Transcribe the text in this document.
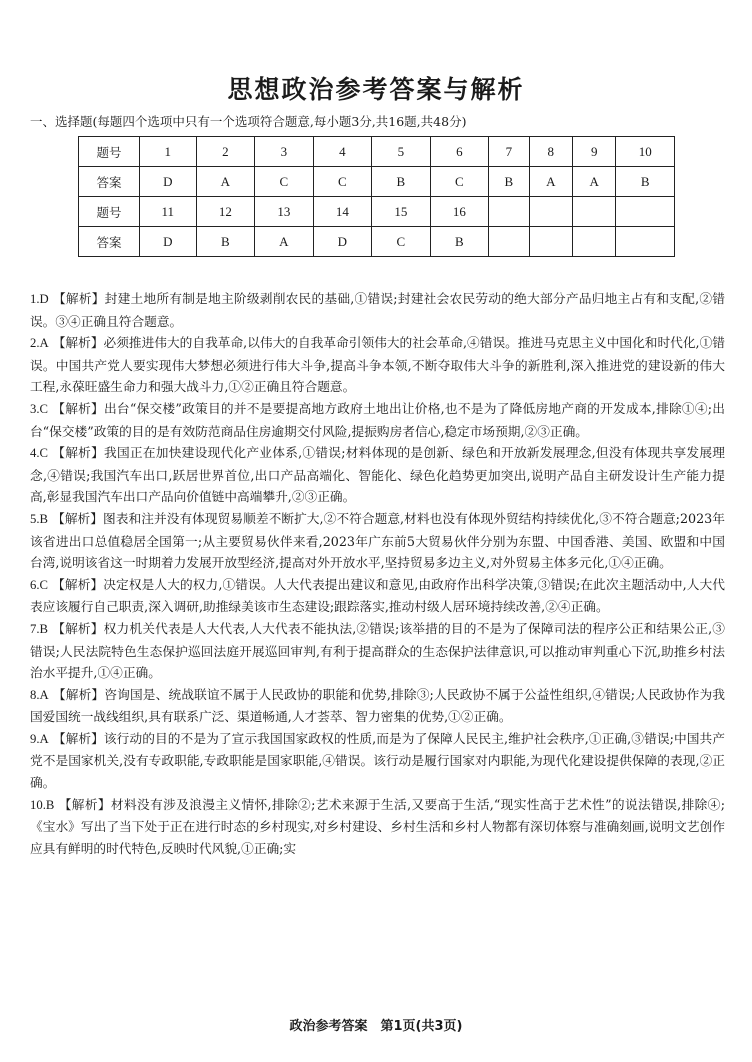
思想政治参考答案与解析
一、选择题(每题四个选项中只有一个选项符合题意,每小题3分,共16题,共48分)
题号	1	2	3	4	5	6	7	8	9	10
答案	D	A	C	C	B	C	B	A	A	B
题号	11	12	13	14	15	16				
答案	D	B	A	D	C	B				
1.D 【解析】封建土地所有制是地主阶级剥削农民的基础,①错误;封建社会农民劳动的绝大部分产品归地主占有和支配,②错误。③④正确且符合题意。
2.A 【解析】必须推进伟大的自我革命,以伟大的自我革命引领伟大的社会革命,④错误。推进马克思主义中国化和时代化,①错误。中国共产党人要实现伟大梦想必须进行伟大斗争,提高斗争本领,不断夺取伟大斗争的新胜利,深入推进党的建设新的伟大工程,永葆旺盛生命力和强大战斗力,①②正确且符合题意。
3.C 【解析】出台“保交楼”政策目的并不是要提高地方政府土地出让价格,也不是为了降低房地产商的开发成本,排除①④;出台“保交楼”政策的目的是有效防范商品住房逾期交付风险,提振购房者信心,稳定市场预期,②③正确。
4.C 【解析】我国正在加快建设现代化产业体系,①错误;材料体现的是创新、绿色和开放新发展理念,但没有体现共享发展理念,④错误;我国汽车出口,跃居世界首位,出口产品高端化、智能化、绿色化趋势更加突出,说明产品自主研发设计生产能力提高,彰显我国汽车出口产品向价值链中高端攀升,②③正确。
5.B 【解析】图表和注并没有体现贸易顺差不断扩大,②不符合题意,材料也没有体现外贸结构持续优化,③不符合题意;2023年该省进出口总值稳居全国第一;从主要贸易伙伴来看,2023年广东前5大贸易伙伴分别为东盟、中国香港、美国、欧盟和中国台湾,说明该省这一时期着力发展开放型经济,提高对外开放水平,坚持贸易多边主义,对外贸易主体多元化,①④正确。
6.C 【解析】决定权是人大的权力,①错误。人大代表提出建议和意见,由政府作出科学决策,③错误;在此次主题活动中,人大代表应该履行自己职责,深入调研,助推绿美该市生态建设;跟踪落实,推动村级人居环境持续改善,②④正确。
7.B 【解析】权力机关代表是人大代表,人大代表不能执法,②错误;该举措的目的不是为了保障司法的程序公正和结果公正,③错误;人民法院特色生态保护巡回法庭开展巡回审判,有利于提高群众的生态保护法律意识,可以推动审判重心下沉,助推乡村法治水平提升,①④正确。
8.A 【解析】咨询国是、统战联谊不属于人民政协的职能和优势,排除③;人民政协不属于公益性组织,④错误;人民政协作为我国爱国统一战线组织,具有联系广泛、渠道畅通,人才荟萃、智力密集的优势,①②正确。
9.A 【解析】该行动的目的不是为了宣示我国国家政权的性质,而是为了保障人民民主,维护社会秩序,①正确,③错误;中国共产党不是国家机关,没有专政职能,专政职能是国家职能,④错误。该行动是履行国家对内职能,为现代化建设提供保障的表现,②正确。
10.B 【解析】材料没有涉及浪漫主义情怀,排除②;艺术来源于生活,又要高于生活,“现实性高于艺术性”的说法错误,排除④;《宝水》写出了当下处于正在进行时态的乡村现实,对乡村建设、乡村生活和乡村人物都有深切体察与准确刻画,说明文艺创作应具有鲜明的时代特色,反映时代风貌,①正确;实
政治参考答案　第1页(共3页)
